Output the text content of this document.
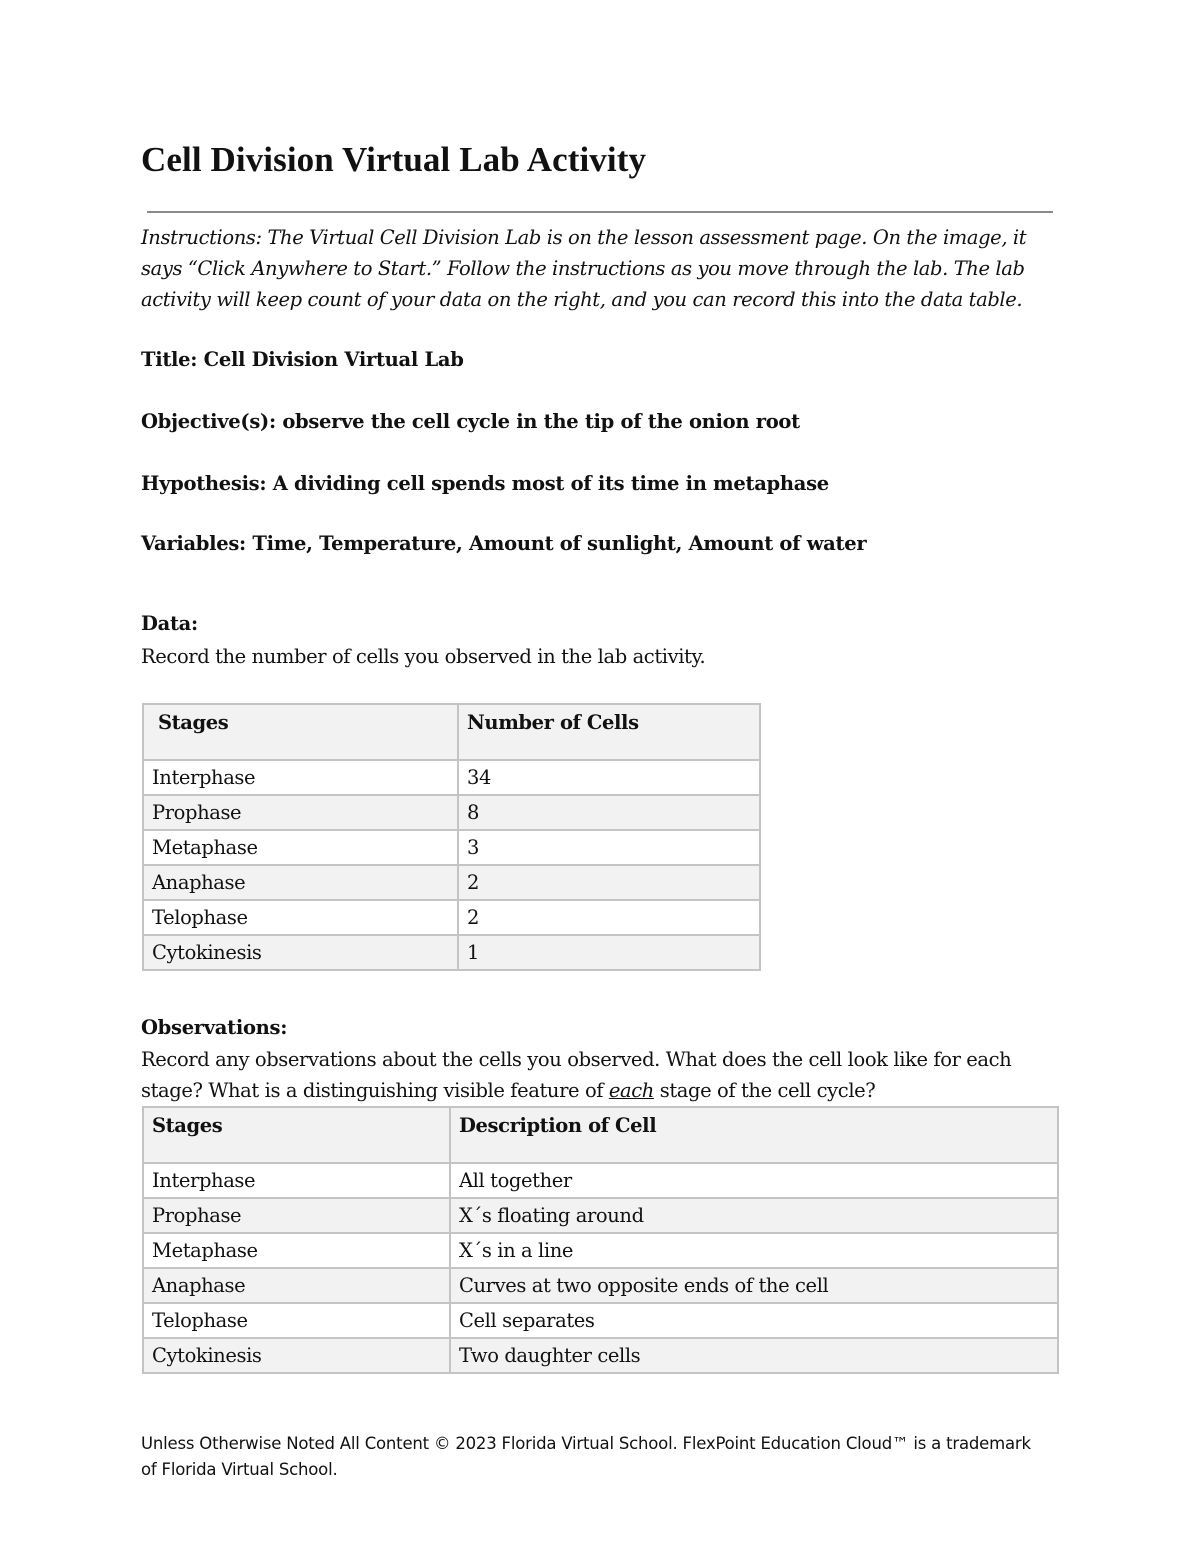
Cell Division Virtual Lab Activity

Instructions: The Virtual Cell Division Lab is on the lesson assessment page. On the image, it says “Click Anywhere to Start.” Follow the instructions as you move through the lab. The lab activity will keep count of your data on the right, and you can record this into the data table.

Title: Cell Division Virtual Lab

Objective(s): observe the cell cycle in the tip of the onion root

Hypothesis: A dividing cell spends most of its time in metaphase

Variables: Time, Temperature, Amount of sunlight, Amount of water

Data:

Record the number of cells you observed in the lab activity.

Stages	Number of Cells
Interphase	34
Prophase	8
Metaphase	3
Anaphase	2
Telophase	2
Cytokinesis	1

Observations:

Record any observations about the cells you observed. What does the cell look like for each stage? What is a distinguishing visible feature of each stage of the cell cycle?

Stages	Description of Cell
Interphase	All together
Prophase	X´s floating around
Metaphase	X´s in a line
Anaphase	Curves at two opposite ends of the cell
Telophase	Cell separates
Cytokinesis	Two daughter cells

Unless Otherwise Noted All Content © 2023 Florida Virtual School. FlexPoint Education Cloud™ is a trademark of Florida Virtual School.
